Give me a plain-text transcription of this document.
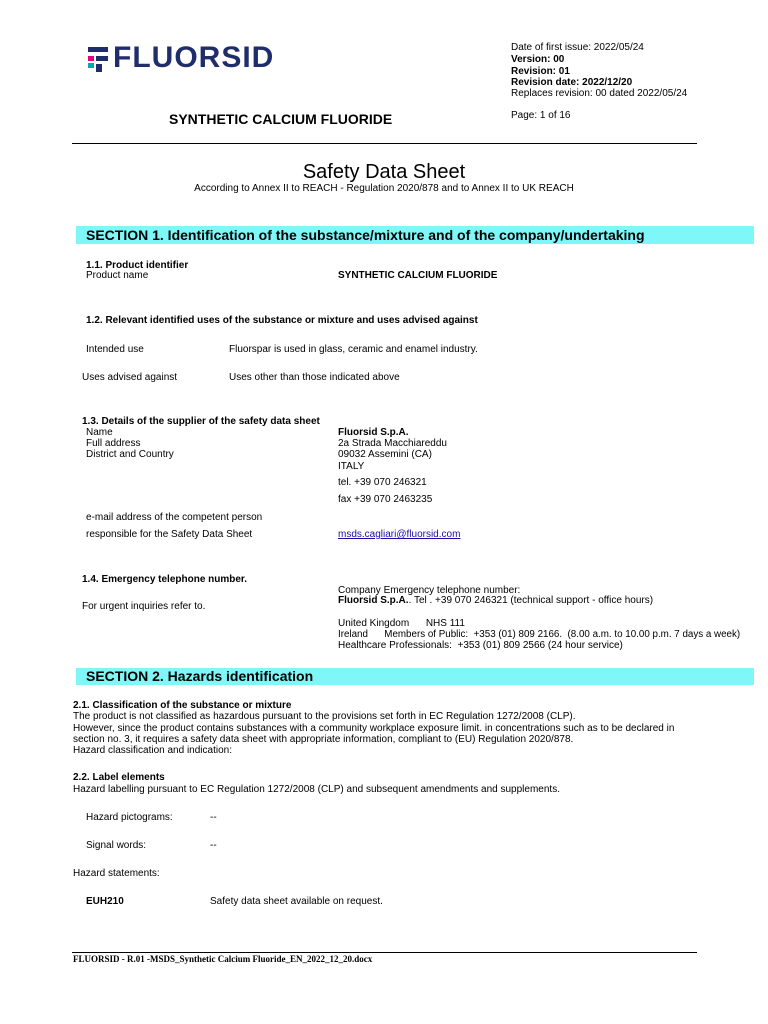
FLUORSID	Date of first issue: 2022/05/24
Version: 00
Revision: 01
Revision date: 2022/12/20
Replaces revision: 00 dated 2022/05/24
SYNTHETIC CALCIUM FLUORIDE	Page: 1 of 16
Safety Data Sheet
According to Annex II to REACH - Regulation 2020/878 and to Annex II to UK REACH
SECTION 1. Identification of the substance/mixture and of the company/undertaking
1.1. Product identifier
Product name	SYNTHETIC CALCIUM FLUORIDE
1.2. Relevant identified uses of the substance or mixture and uses advised against
Intended use	Fluorspar is used in glass, ceramic and enamel industry.
Uses advised against	Uses other than those indicated above
1.3. Details of the supplier of the safety data sheet
Name	Fluorsid S.p.A.
Full address	2a Strada Macchiareddu
District and Country	09032 Assemini (CA)
ITALY
tel. +39 070 246321
fax +39 070 2463235
e-mail address of the competent person
responsible for the Safety Data Sheet	msds.cagliari@fluorsid.com
1.4. Emergency telephone number.
Company Emergency telephone number:
Fluorsid S.p.A.. Tel . +39 070 246321 (technical support - office hours)
For urgent inquiries refer to.
United Kingdom      NHS 111
Ireland      Members of Public:  +353 (01) 809 2166.  (8.00 a.m. to 10.00 p.m. 7 days a week)
Healthcare Professionals:  +353 (01) 809 2566 (24 hour service)
SECTION 2. Hazards identification
2.1. Classification of the substance or mixture
The product is not classified as hazardous pursuant to the provisions set forth in EC Regulation 1272/2008 (CLP).
However, since the product contains substances with a community workplace exposure limit. in concentrations such as to be declared in
section no. 3, it requires a safety data sheet with appropriate information, compliant to (EU) Regulation 2020/878.
Hazard classification and indication:
2.2. Label elements
Hazard labelling pursuant to EC Regulation 1272/2008 (CLP) and subsequent amendments and supplements.
Hazard pictograms:	--
Signal words:	--
Hazard statements:
EUH210	Safety data sheet available on request.
FLUORSID - R.01 -MSDS_Synthetic Calcium Fluoride_EN_2022_12_20.docx
